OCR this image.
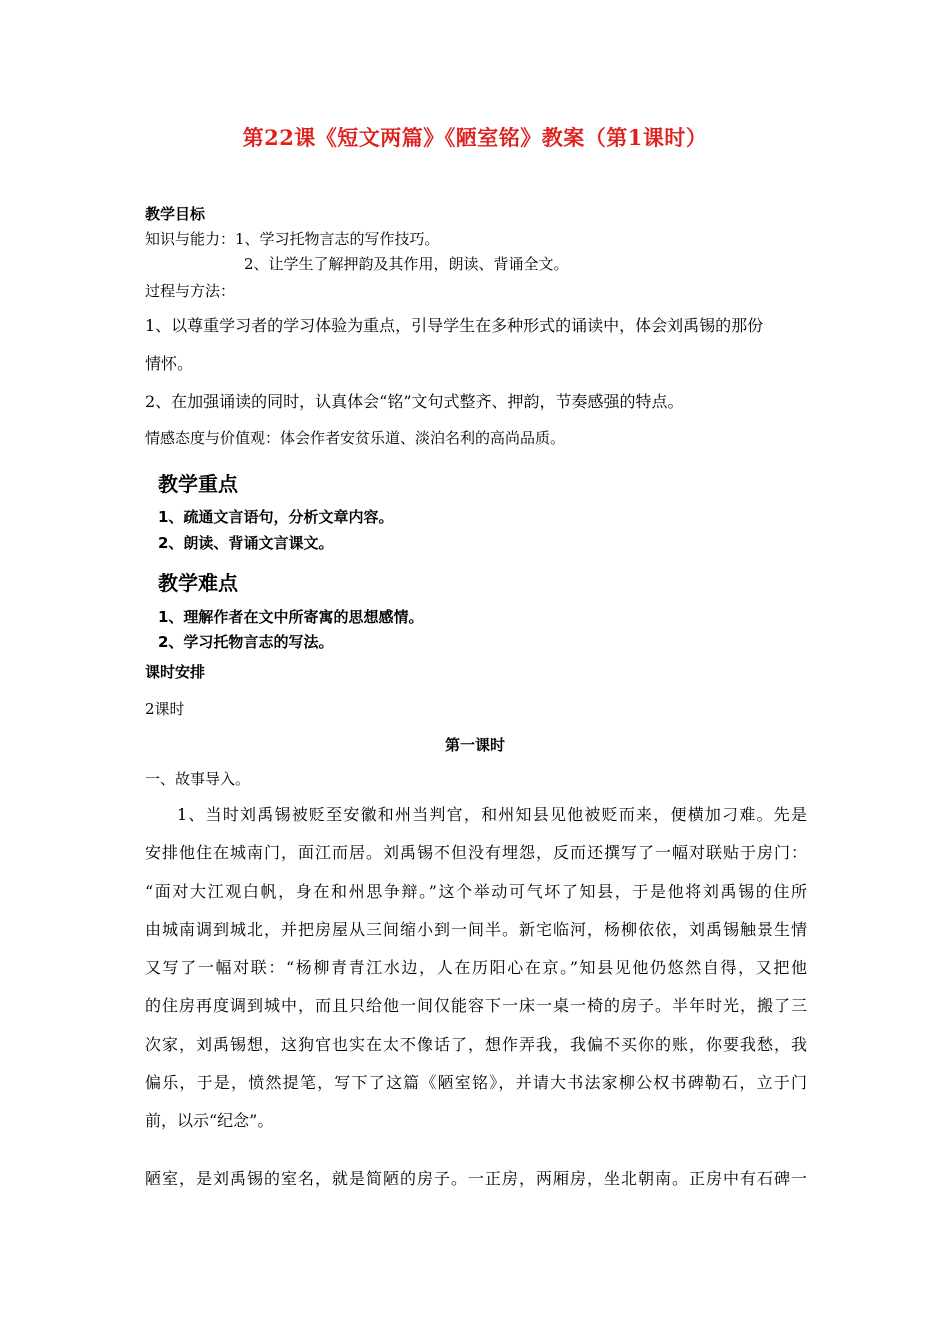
第22课《短文两篇》《陋室铭》教案（第1课时）
教学目标
知识与能力：1、学习托物言志的写作技巧。
2、让学生了解押韵及其作用，朗读、背诵全文。
过程与方法：
1、以尊重学习者的学习体验为重点，引导学生在多种形式的诵读中，体会刘禹锡的那份
情怀。
2、在加强诵读的同时，认真体会“铭”文句式整齐、押韵，节奏感强的特点。
情感态度与价值观：体会作者安贫乐道、淡泊名利的高尚品质。
教学重点
1、疏通文言语句，分析文章内容。
2、朗读、背诵文言课文。
教学难点
1、理解作者在文中所寄寓的思想感情。
2、学习托物言志的写法。
课时安排
2课时
第一课时
一、故事导入。
1、当时刘禹锡被贬至安徽和州当判官，和州知县见他被贬而来，便横加刁难。先是
安排他住在城南门，面江而居。刘禹锡不但没有埋怨，反而还撰写了一幅对联贴于房门：
“面对大江观白帆，身在和州思争辩。”这个举动可气坏了知县，于是他将刘禹锡的住所
由城南调到城北，并把房屋从三间缩小到一间半。新宅临河，杨柳依依，刘禹锡触景生情
又写了一幅对联：“杨柳青青江水边，人在历阳心在京。”知县见他仍悠然自得，又把他
的住房再度调到城中，而且只给他一间仅能容下一床一桌一椅的房子。半年时光，搬了三
次家，刘禹锡想，这狗官也实在太不像话了，想作弄我，我偏不买你的账，你要我愁，我
偏乐，于是，愤然提笔，写下了这篇《陋室铭》，并请大书法家柳公权书碑勒石，立于门
前，以示“纪念”。
陋室，是刘禹锡的室名，就是简陋的房子。一正房，两厢房，坐北朝南。正房中有石碑一
